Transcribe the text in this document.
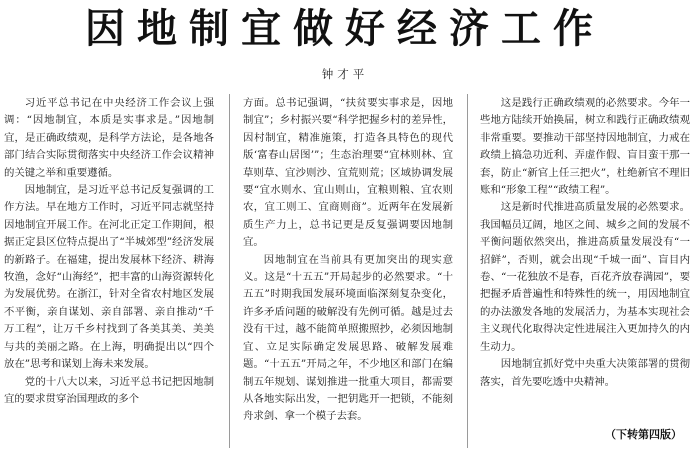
因地制宜做好经济工作
钟才平

习近平总书记在中央经济工作会议上强调：“因地制宜，本质是实事求是。”因地制宜，是正确政绩观，是科学方法论，是各地各部门结合实际贯彻落实中央经济工作会议精神的关键之举和重要遵循。

因地制宜，是习近平总书记反复强调的工作方法。早在地方工作时，习近平同志就坚持因地制宜开展工作。在河北正定工作期间，根据正定县区位特点提出了“半城郊型”经济发展的新路子。在福建，提出发展林下经济、耕海牧渔，念好“山海经”，把丰富的山海资源转化为发展优势。在浙江，针对全省农村地区发展不平衡，亲自谋划、亲自部署、亲自推动“千万工程”，让万千乡村找到了各美其美、美美与共的美丽之路。在上海，明确提出以“四个放在”思考和谋划上海未来发展。

党的十八大以来，习近平总书记把因地制宜的要求贯穿治国理政的多个

方面。总书记强调，“扶贫要实事求是，因地制宜”；乡村振兴要“科学把握乡村的差异性，因村制宜，精准施策，打造各具特色的现代版‘富春山居图’”；生态治理要“宜林则林、宜草则草、宜沙则沙、宜荒则荒；区域协调发展要“宜水则水、宜山则山，宜粮则粮、宜农则农，宜工则工、宜商则商”。近两年在发展新质生产力上，总书记更是反复强调要因地制宜。

因地制宜在当前具有更加突出的现实意义。这是“十五五”开局起步的必然要求。“十五五”时期我国发展环境面临深刻复杂变化，许多矛盾问题的破解没有先例可循。越是过去没有干过，越不能简单照搬照抄，必须因地制宜、立足实际确定发展思路、破解发展难题。“十五五”开局之年，不少地区和部门在编制五年规划、谋划推进一批重大项目，都需要从各地实际出发，一把钥匙开一把锁，不能刻舟求剑、拿一个模子去套。

这是践行正确政绩观的必然要求。今年一些地方陆续开始换届，树立和践行正确政绩观非常重要。要推动干部坚持因地制宜，力戒在政绩上搞急功近利、弄虚作假、盲目蛮干那一套，防止“新官上任三把火”，杜绝新官不理旧账和“形象工程”“政绩工程”。

这是新时代推进高质量发展的必然要求。我国幅员辽阔，地区之间、城乡之间的发展不平衡问题依然突出，推进高质量发展没有“一招鲜”，否则，就会出现“千城一面”、盲目内卷、“一花独放不是春，百花齐放春满园”，要把握矛盾普遍性和特殊性的统一，用因地制宜的办法激发各地的发展活力，为基本实现社会主义现代化取得决定性进展注入更加持久的内生动力。

因地制宜抓好党中央重大决策部署的贯彻落实，首先要吃透中央精神。

（下转第四版）
